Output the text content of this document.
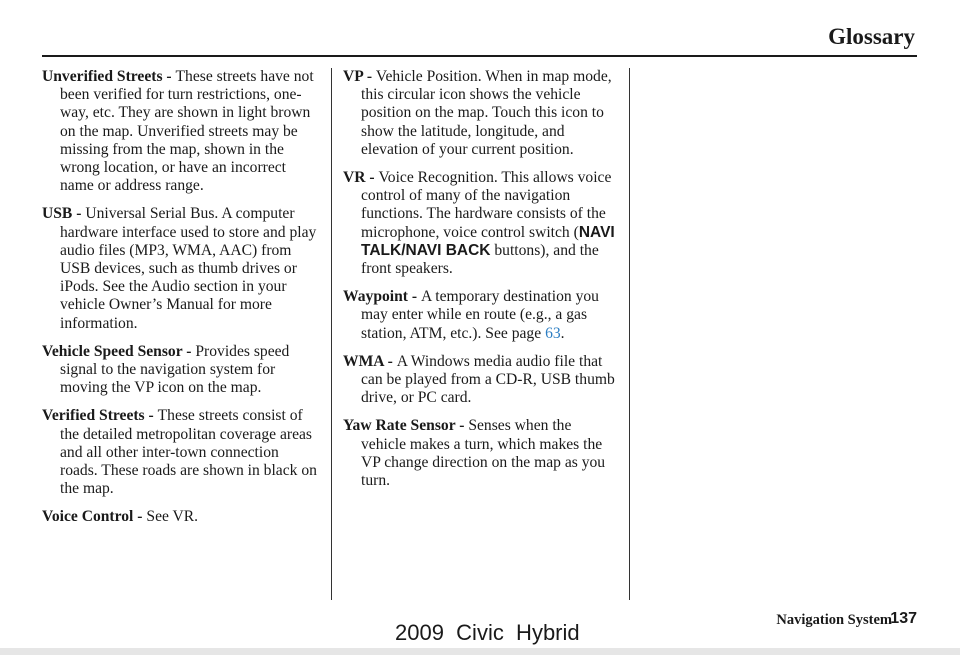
Glossary

Unverified Streets - These streets have not been verified for turn restrictions, one-way, etc. They are shown in light brown on the map. Unverified streets may be missing from the map, shown in the wrong location, or have an incorrect name or address range.

USB - Universal Serial Bus. A computer hardware interface used to store and play audio files (MP3, WMA, AAC) from USB devices, such as thumb drives or iPods. See the Audio section in your vehicle Owner’s Manual for more information.

Vehicle Speed Sensor - Provides speed signal to the navigation system for moving the VP icon on the map.

Verified Streets - These streets consist of the detailed metropolitan coverage areas and all other inter-town connection roads. These roads are shown in black on the map.

Voice Control - See VR.

VP - Vehicle Position. When in map mode, this circular icon shows the vehicle position on the map. Touch this icon to show the latitude, longitude, and elevation of your current position.

VR - Voice Recognition. This allows voice control of many of the navigation functions. The hardware consists of the microphone, voice control switch (NAVI TALK/NAVI BACK buttons), and the front speakers.

Waypoint - A temporary destination you may enter while en route (e.g., a gas station, ATM, etc.). See page 63.

WMA - A Windows media audio file that can be played from a CD-R, USB thumb drive, or PC card.

Yaw Rate Sensor - Senses when the vehicle makes a turn, which makes the VP change direction on the map as you turn.

Navigation System
137
2009  Civic  Hybrid
